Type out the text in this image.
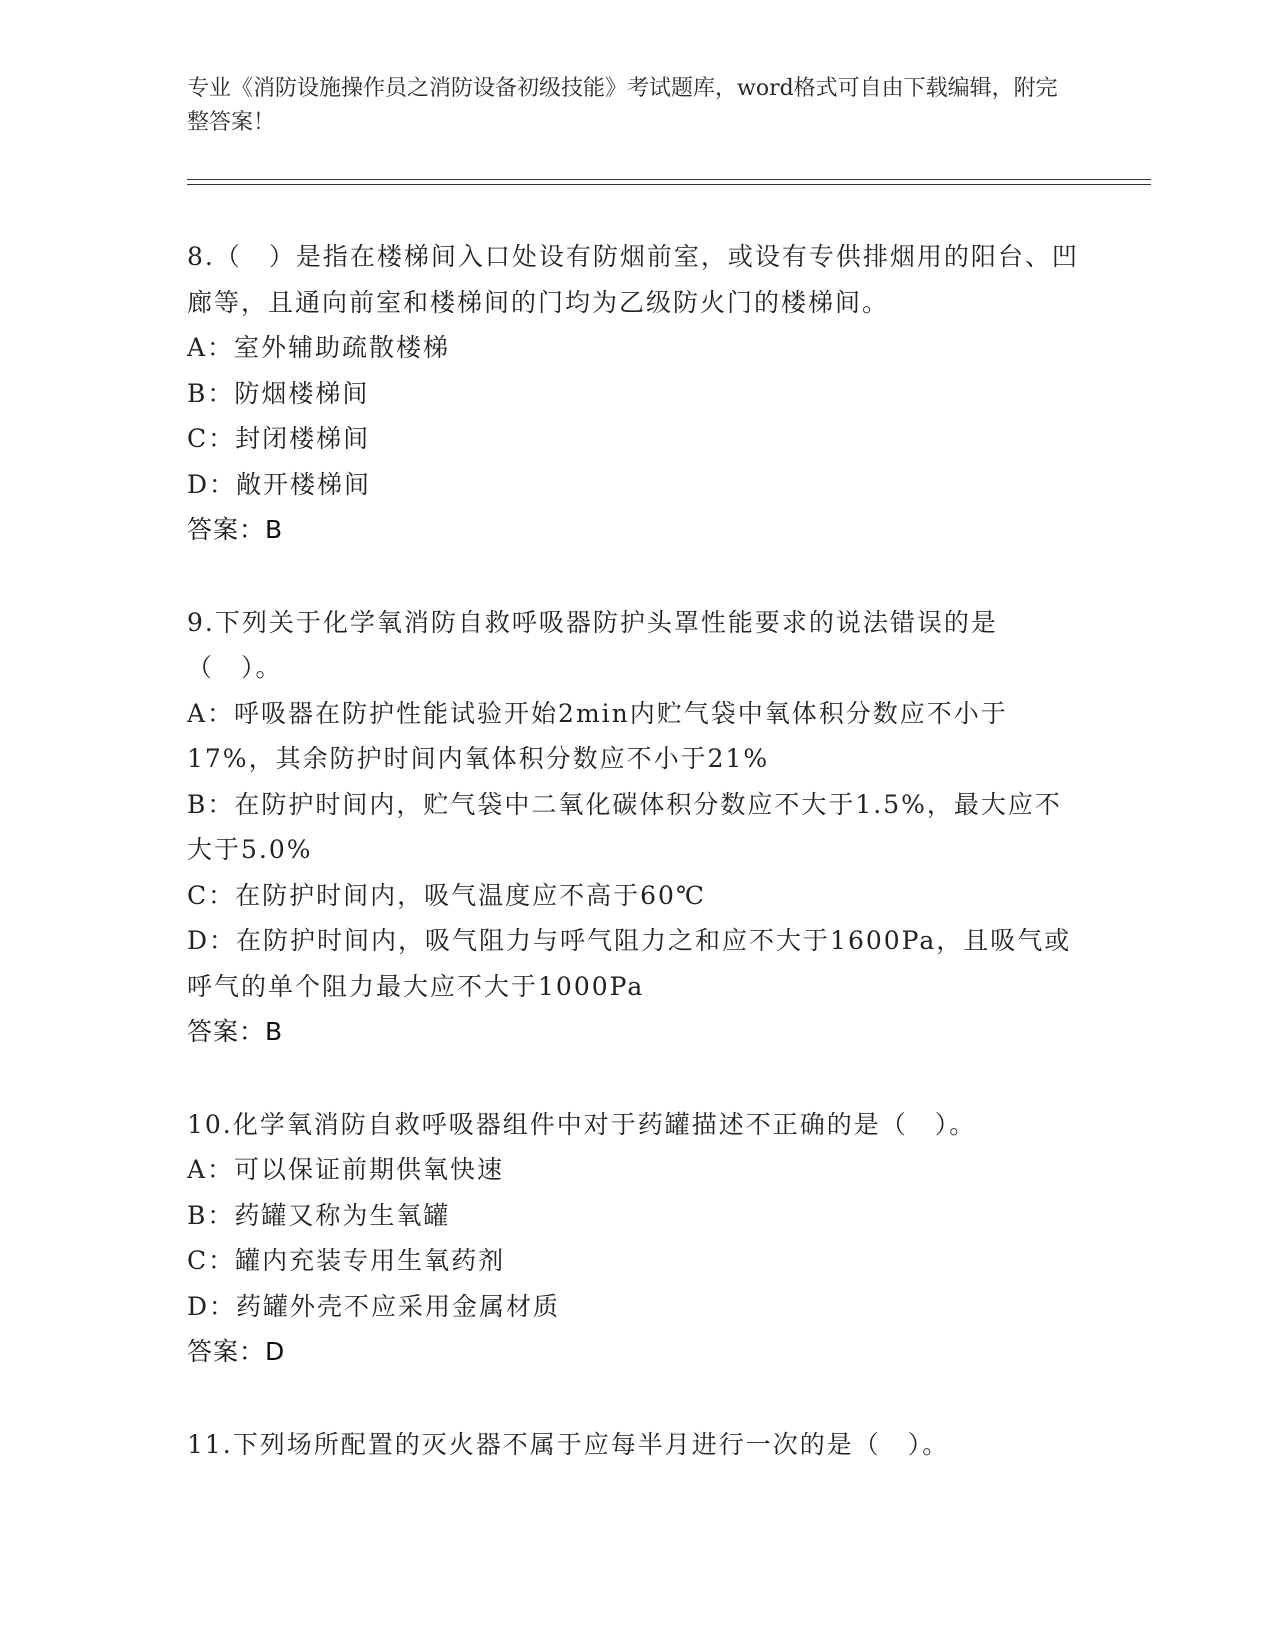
专业《消防设施操作员之消防设备初级技能》考试题库，word格式可自由下载编辑，附完整答案！
8.（　）是指在楼梯间入口处设有防烟前室，或设有专供排烟用的阳台、凹廊等，且通向前室和楼梯间的门均为乙级防火门的楼梯间。
A：室外辅助疏散楼梯
B：防烟楼梯间
C：封闭楼梯间
D：敞开楼梯间
答案：B
9.下列关于化学氧消防自救呼吸器防护头罩性能要求的说法错误的是（　）。
A：呼吸器在防护性能试验开始2min内贮气袋中氧体积分数应不小于17%，其余防护时间内氧体积分数应不小于21%
B：在防护时间内，贮气袋中二氧化碳体积分数应不大于1.5%，最大应不大于5.0%
C：在防护时间内，吸气温度应不高于60℃
D：在防护时间内，吸气阻力与呼气阻力之和应不大于1600Pa，且吸气或呼气的单个阻力最大应不大于1000Pa
答案：B
10.化学氧消防自救呼吸器组件中对于药罐描述不正确的是（　）。
A：可以保证前期供氧快速
B：药罐又称为生氧罐
C：罐内充装专用生氧药剂
D：药罐外壳不应采用金属材质
答案：D
11.下列场所配置的灭火器不属于应每半月进行一次的是（　）。
